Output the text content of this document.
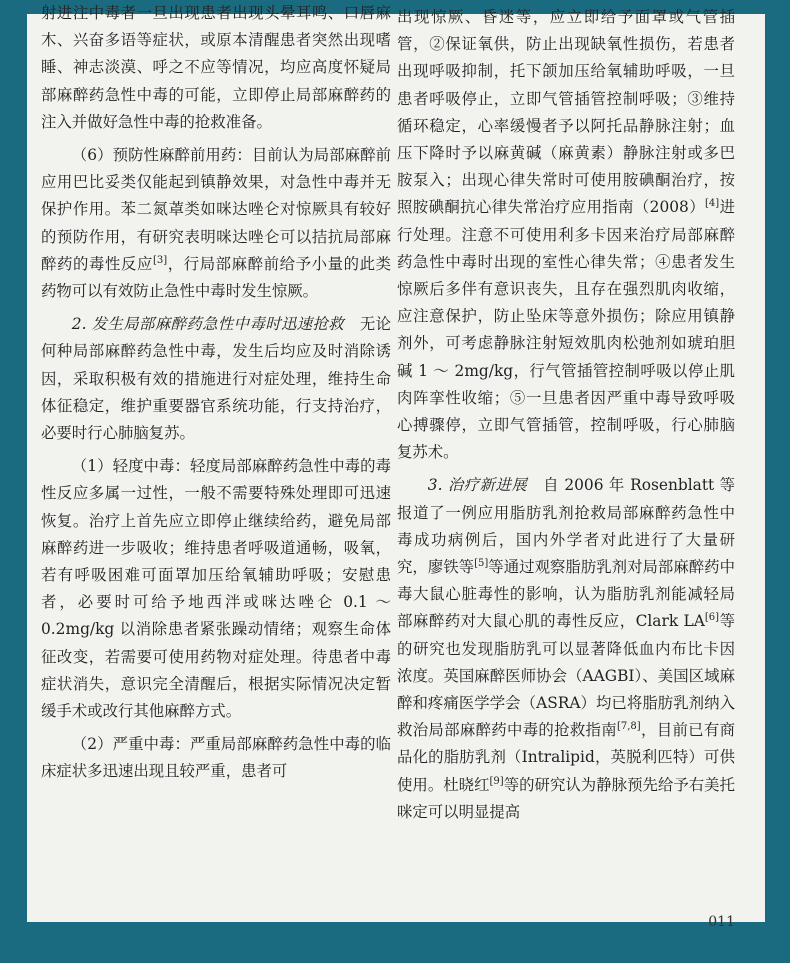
射进注中毒者一旦出现患者出现头晕耳鸣、口唇麻木、兴奋多语等症状，或原本清醒患者突然出现嗜睡、神志淡漠、呼之不应等情况，均应高度怀疑局部麻醉药急性中毒的可能，立即停止局部麻醉药的注入并做好急性中毒的抢救准备。

（6）预防性麻醉前用药：目前认为局部麻醉前应用巴比妥类仅能起到镇静效果，对急性中毒并无保护作用。苯二氮䓬类如咪达唑仑对惊厥具有较好的预防作用，有研究表明咪达唑仑可以拮抗局部麻醉药的毒性反应[3]，行局部麻醉前给予小量的此类药物可以有效防止急性中毒时发生惊厥。

2. 发生局部麻醉药急性中毒时迅速抢救　无论何种局部麻醉药急性中毒，发生后均应及时消除诱因，采取积极有效的措施进行对症处理，维持生命体征稳定，维护重要器官系统功能，行支持治疗，必要时行心肺脑复苏。

（1）轻度中毒：轻度局部麻醉药急性中毒的毒性反应多属一过性，一般不需要特殊处理即可迅速恢复。治疗上首先应立即停止继续给药，避免局部麻醉药进一步吸收；维持患者呼吸道通畅，吸氧，若有呼吸困难可面罩加压给氧辅助呼吸；安慰患者，必要时可给予地西泮或咪达唑仑 0.1 ～ 0.2mg/kg 以消除患者紧张躁动情绪；观察生命体征改变，若需要可使用药物对症处理。待患者中毒症状消失，意识完全清醒后，根据实际情况决定暂缓手术或改行其他麻醉方式。

（2）严重中毒：严重局部麻醉药急性中毒的临床症状多迅速出现且较严重，患者可

出现惊厥、昏迷等，应立即给予面罩或气管插管，②保证氧供，防止出现缺氧性损伤，若患者出现呼吸抑制，托下颌加压给氧辅助呼吸，一旦患者呼吸停止，立即气管插管控制呼吸；③维持循环稳定，心率缓慢者予以阿托品静脉注射；血压下降时予以麻黄碱（麻黄素）静脉注射或多巴胺泵入；出现心律失常时可使用胺碘酮治疗，按照胺碘酮抗心律失常治疗应用指南（2008）[4]进行处理。注意不可使用利多卡因来治疗局部麻醉药急性中毒时出现的室性心律失常；④患者发生惊厥后多伴有意识丧失，且存在强烈肌肉收缩，应注意保护，防止坠床等意外损伤；除应用镇静剂外，可考虑静脉注射短效肌肉松弛剂如琥珀胆碱 1 ～ 2mg/kg，行气管插管控制呼吸以停止肌肉阵挛性收缩；⑤一旦患者因严重中毒导致呼吸心搏骤停，立即气管插管，控制呼吸，行心肺脑复苏术。

3. 治疗新进展　自 2006 年 Rosenblatt 等报道了一例应用脂肪乳剂抢救局部麻醉药急性中毒成功病例后，国内外学者对此进行了大量研究，廖铁等[5]等通过观察脂肪乳剂对局部麻醉药中毒大鼠心脏毒性的影响，认为脂肪乳剂能减轻局部麻醉药对大鼠心肌的毒性反应，Clark LA[6]等的研究也发现脂肪乳可以显著降低血内布比卡因浓度。英国麻醉医师协会（AAGBI）、美国区域麻醉和疼痛医学学会（ASRA）均已将脂肪乳剂纳入救治局部麻醉药中毒的抢救指南[7,8]，目前已有商品化的脂肪乳剂（Intralipid，英脱利匹特）可供使用。杜晓红[9]等的研究认为静脉预先给予右美托咪定可以明显提高

011
